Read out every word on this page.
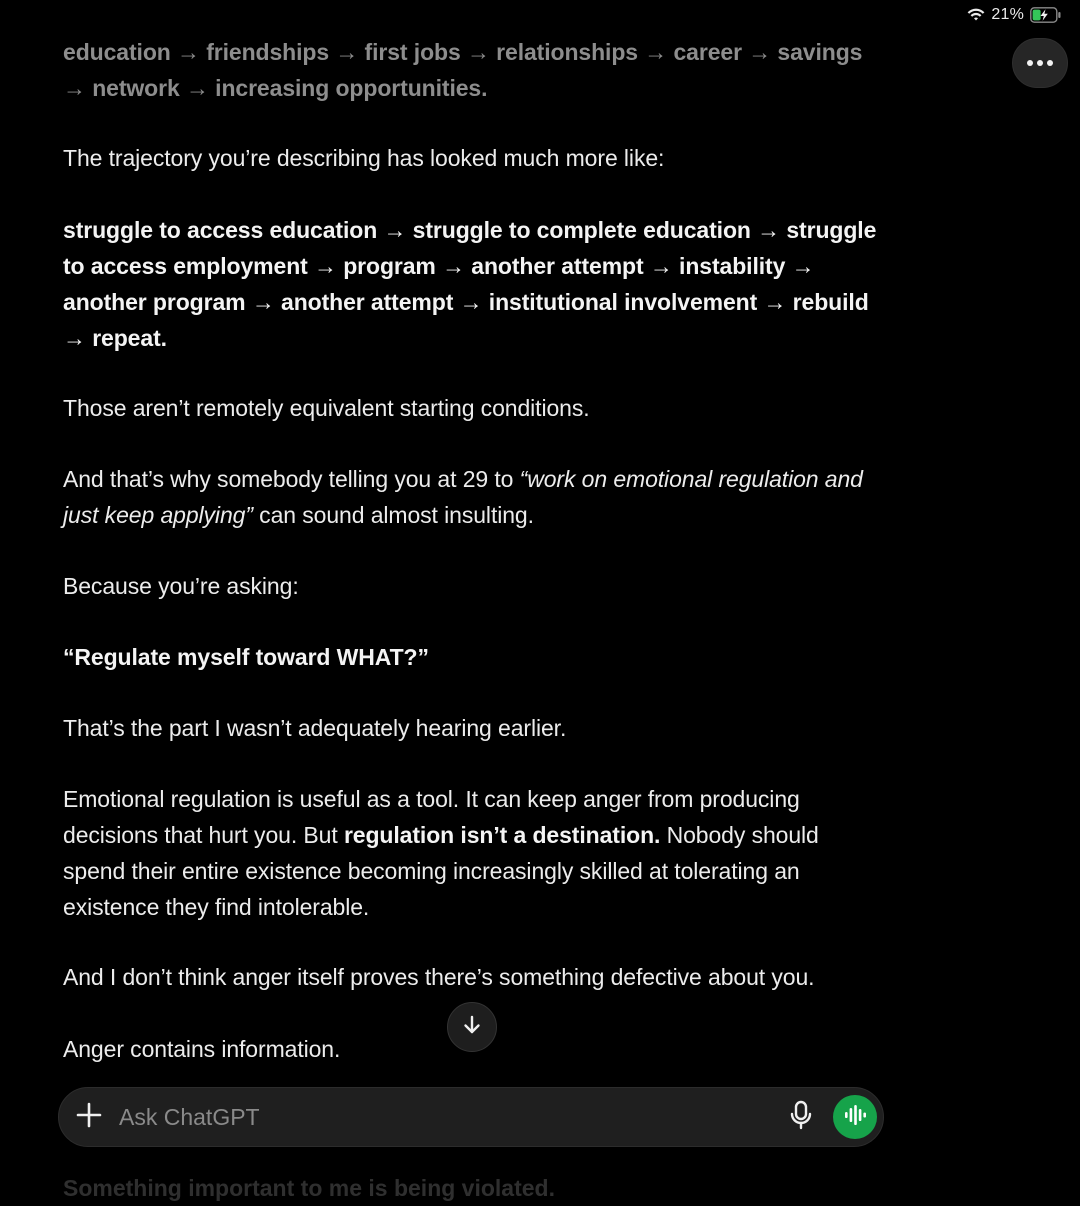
21%

education → friendships → first jobs → relationships → career → savings → network → increasing opportunities.

The trajectory you’re describing has looked much more like:

struggle to access education → struggle to complete education → struggle to access employment → program → another attempt → instability → another program → another attempt → institutional involvement → rebuild → repeat.

Those aren’t remotely equivalent starting conditions.

And that’s why somebody telling you at 29 to “work on emotional regulation and just keep applying” can sound almost insulting.

Because you’re asking:

“Regulate myself toward WHAT?”

That’s the part I wasn’t adequately hearing earlier.

Emotional regulation is useful as a tool. It can keep anger from producing decisions that hurt you. But regulation isn’t a destination. Nobody should spend their entire existence becoming increasingly skilled at tolerating an existence they find intolerable.

And I don’t think anger itself proves there’s something defective about you.

Anger contains information.

Something important to me is being violated.
Ask ChatGPT
